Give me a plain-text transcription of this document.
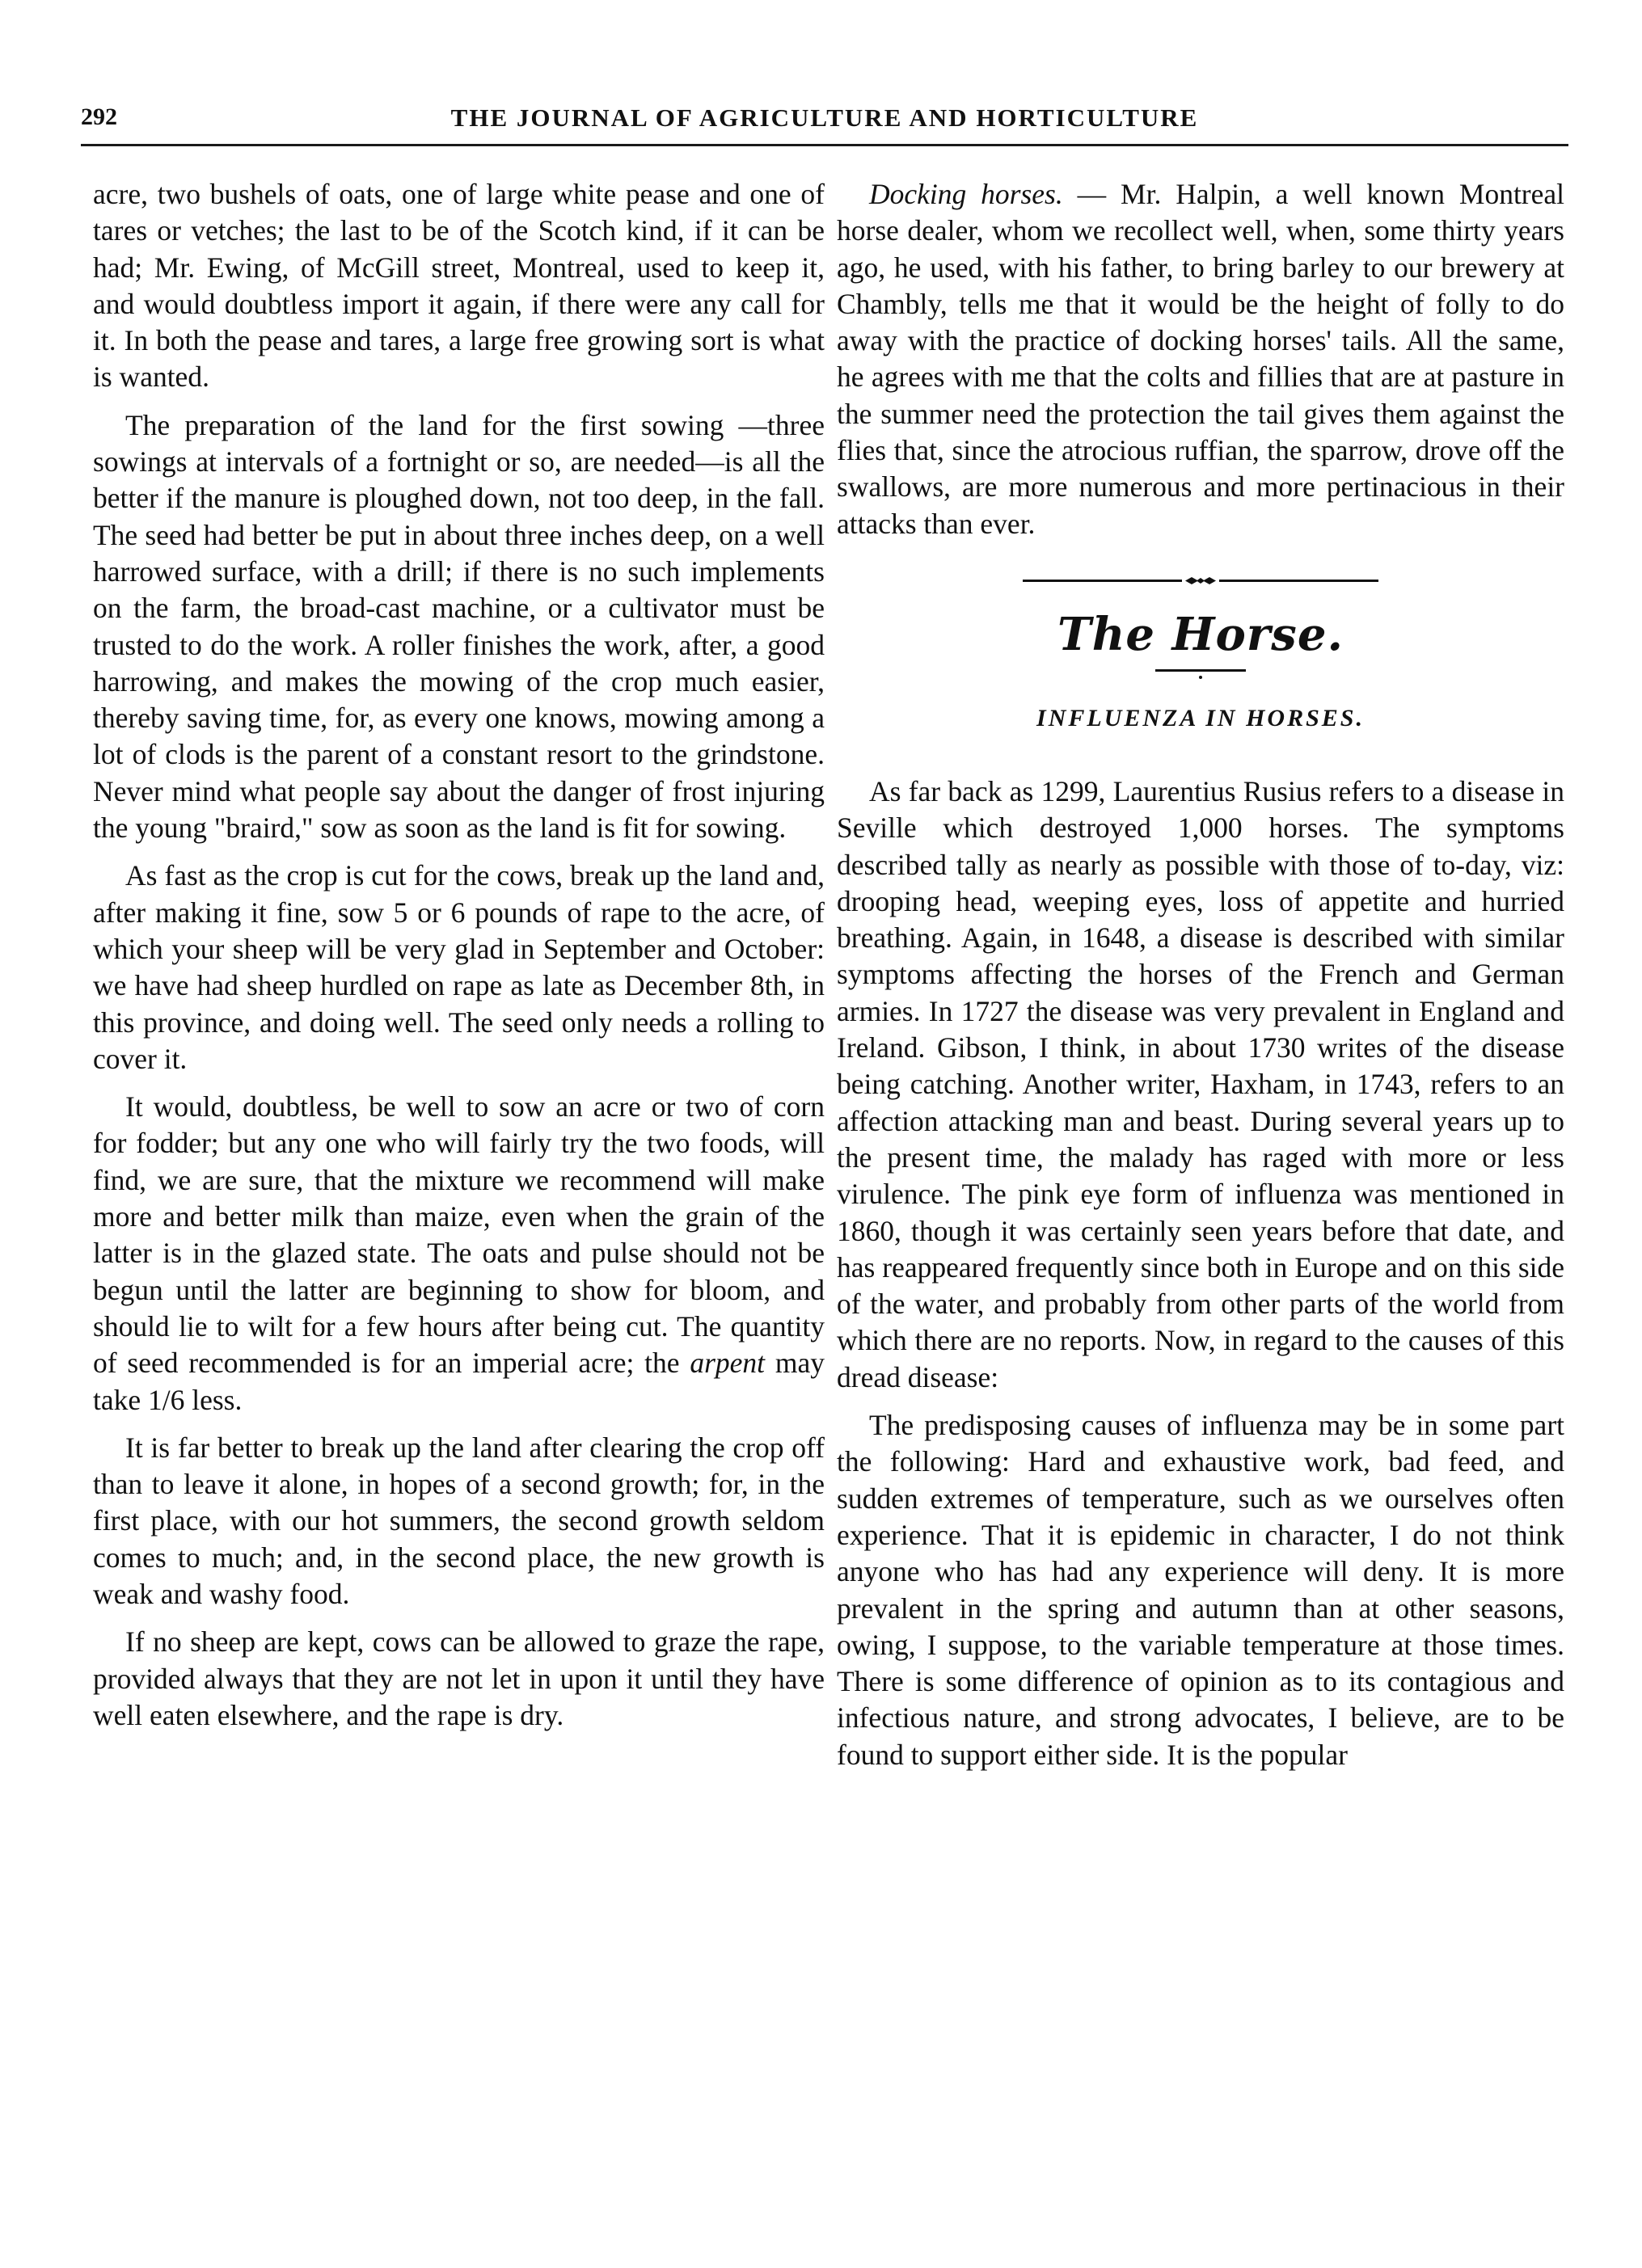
292	THE JOURNAL OF AGRICULTURE AND HORTICULTURE

acre, two bushels of oats, one of large white pease and one of tares or vetches; the last to be of the Scotch kind, if it can be had; Mr. Ewing, of McGill street, Montreal, used to keep it, and would doubtless import it again, if there were any call for it. In both the pease and tares, a large free growing sort is what is wanted.

The preparation of the land for the first sowing —three sowings at intervals of a fortnight or so, are needed—is all the better if the manure is ploughed down, not too deep, in the fall. The seed had better be put in about three inches deep, on a well harrowed surface, with a drill; if there is no such implements on the farm, the broad-cast machine, or a cultivator must be trusted to do the work. A roller finishes the work, after, a good harrowing, and makes the mowing of the crop much easier, thereby saving time, for, as every one knows, mowing among a lot of clods is the parent of a constant resort to the grindstone. Never mind what people say about the danger of frost injuring the young "braird," sow as soon as the land is fit for sowing.

As fast as the crop is cut for the cows, break up the land and, after making it fine, sow 5 or 6 pounds of rape to the acre, of which your sheep will be very glad in September and October: we have had sheep hurdled on rape as late as December 8th, in this province, and doing well. The seed only needs a rolling to cover it.

It would, doubtless, be well to sow an acre or two of corn for fodder; but any one who will fairly try the two foods, will find, we are sure, that the mixture we recommend will make more and better milk than maize, even when the grain of the latter is in the glazed state. The oats and pulse should not be begun until the latter are beginning to show for bloom, and should lie to wilt for a few hours after being cut. The quantity of seed recommended is for an imperial acre; the arpent may take 1/6 less.

It is far better to break up the land after clearing the crop off than to leave it alone, in hopes of a second growth; for, in the first place, with our hot summers, the second growth seldom comes to much; and, in the second place, the new growth is weak and washy food.

If no sheep are kept, cows can be allowed to graze the rape, provided always that they are not let in upon it until they have well eaten elsewhere, and the rape is dry.

Docking horses. — Mr. Halpin, a well known Montreal horse dealer, whom we recollect well, when, some thirty years ago, he used, with his father, to bring barley to our brewery at Chambly, tells me that it would be the height of folly to do away with the practice of docking horses' tails. All the same, he agrees with me that the colts and fillies that are at pasture in the summer need the protection the tail gives them against the flies that, since the atrocious ruffian, the sparrow, drove off the swallows, are more numerous and more pertinacious in their attacks than ever.

The Horse.
INFLUENZA IN HORSES.

As far back as 1299, Laurentius Rusius refers to a disease in Seville which destroyed 1,000 horses. The symptoms described tally as nearly as possible with those of to-day, viz: drooping head, weeping eyes, loss of appetite and hurried breathing. Again, in 1648, a disease is described with similar symptoms affecting the horses of the French and German armies. In 1727 the disease was very prevalent in England and Ireland. Gibson, I think, in about 1730 writes of the disease being catching. Another writer, Haxham, in 1743, refers to an affection attacking man and beast. During several years up to the present time, the malady has raged with more or less virulence. The pink eye form of influenza was mentioned in 1860, though it was certainly seen years before that date, and has reappeared frequently since both in Europe and on this side of the water, and probably from other parts of the world from which there are no reports. Now, in regard to the causes of this dread disease:

The predisposing causes of influenza may be in some part the following: Hard and exhaustive work, bad feed, and sudden extremes of temperature, such as we ourselves often experience. That it is epidemic in character, I do not think anyone who has had any experience will deny. It is more prevalent in the spring and autumn than at other seasons, owing, I suppose, to the variable temperature at those times. There is some difference of opinion as to its contagious and infectious nature, and strong advocates, I believe, are to be found to support either side. It is the popular
